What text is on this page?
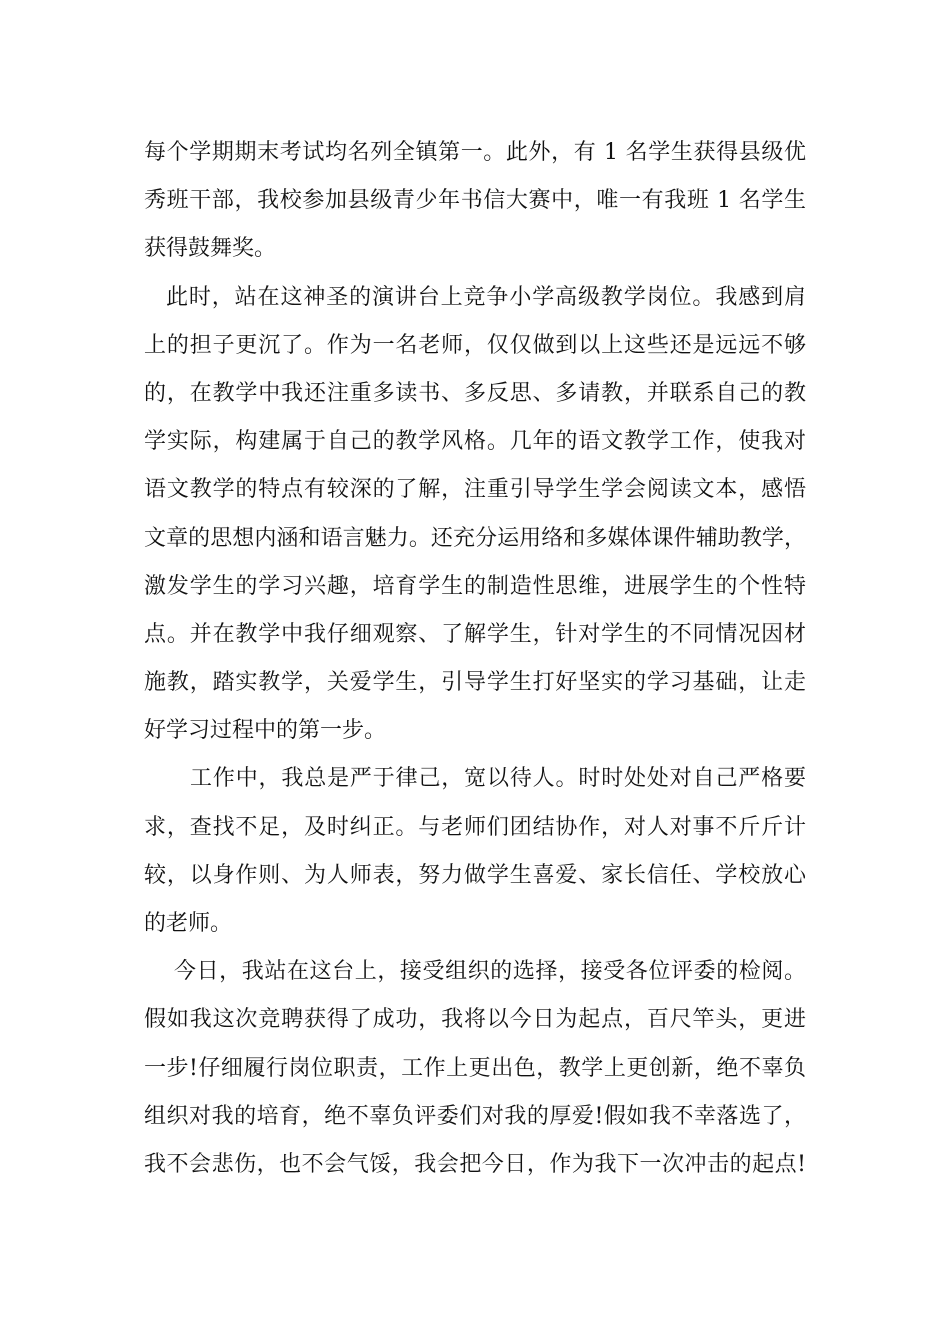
每个学期期末考试均名列全镇第一。此外，有 1 名学生获得县级优
秀班干部，我校参加县级青少年书信大赛中，唯一有我班 1 名学生
获得鼓舞奖。
此时，站在这神圣的演讲台上竞争小学高级教学岗位。我感到肩
上的担子更沉了。作为一名老师，仅仅做到以上这些还是远远不够
的，在教学中我还注重多读书、多反思、多请教，并联系自己的教
学实际，构建属于自己的教学风格。几年的语文教学工作，使我对
语文教学的特点有较深的了解，注重引导学生学会阅读文本，感悟
文章的思想内涵和语言魅力。还充分运用络和多媒体课件辅助教学，
激发学生的学习兴趣，培育学生的制造性思维，进展学生的个性特
点。并在教学中我仔细观察、了解学生，针对学生的不同情况因材
施教，踏实教学，关爱学生，引导学生打好坚实的学习基础，让走
好学习过程中的第一步。
工作中，我总是严于律己，宽以待人。时时处处对自己严格要
求，查找不足，及时纠正。与老师们团结协作，对人对事不斤斤计
较，以身作则、为人师表，努力做学生喜爱、家长信任、学校放心
的老师。
今日，我站在这台上，接受组织的选择，接受各位评委的检阅。
假如我这次竞聘获得了成功，我将以今日为起点，百尺竿头，更进
一步!仔细履行岗位职责，工作上更出色，教学上更创新，绝不辜负
组织对我的培育，绝不辜负评委们对我的厚爱!假如我不幸落选了，
我不会悲伤，也不会气馁，我会把今日，作为我下一次冲击的起点!
